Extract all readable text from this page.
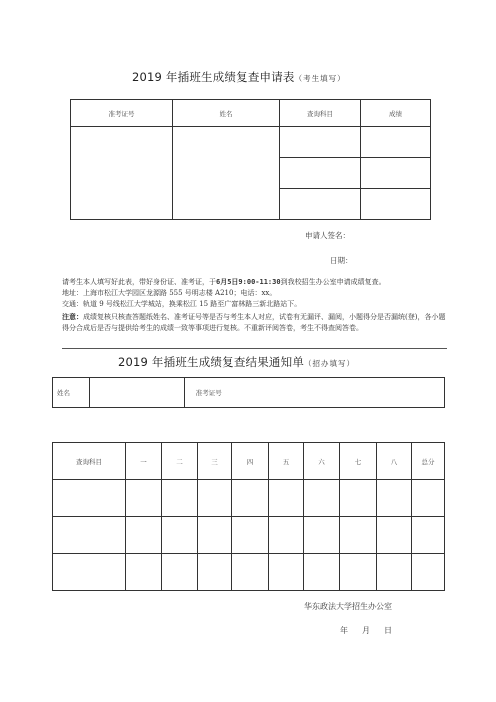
2019 年插班生成绩复查申请表（考生填写）
准考证号	姓名	查询科目	成绩

申请人签名：
日期：
请考生本人填写好此表，带好身份证、准考证，于6月5日9:00-11:30到我校招生办公室申请成绩复查。
地址：上海市松江大学园区龙源路 555 号明志楼 A210；电话：xx。
交通：轨道 9 号线松江大学城站，换乘松江 15 路至广富林路三新北路站下。
注意：成绩复核只核查答题纸姓名、准考证号等是否与考生本人对应，试卷有无漏评、漏阅，小题得分是否漏统(登)，各小题得分合成后是否与提供给考生的成绩一致等事项进行复核。不重新评阅答卷，考生不得查阅答卷。
2019 年插班生成绩复查结果通知单（招办填写）
姓名		准考证号	
查询科目	一	二	三	四	五	六	七	八	总分

华东政法大学招生办公室
年 月 日
